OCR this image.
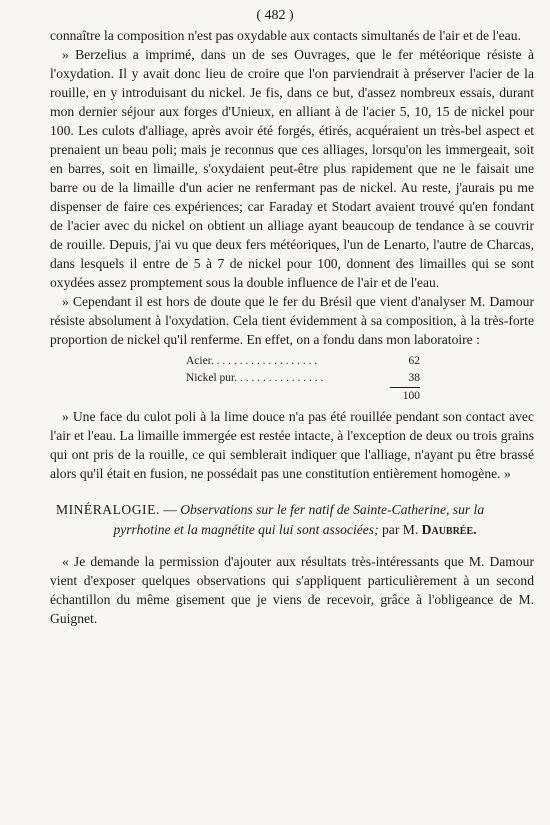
( 482 )

connaître la composition n'est pas oxydable aux contacts simultanés de l'air et de l'eau.

» Berzelius a imprimé, dans un de ses Ouvrages, que le fer météorique résiste à l'oxydation. Il y avait donc lieu de croire que l'on parviendrait à préserver l'acier de la rouille, en y introduisant du nickel. Je fis, dans ce but, d'assez nombreux essais, durant mon dernier séjour aux forges d'Unieux, en alliant à de l'acier 5, 10, 15 de nickel pour 100. Les culots d'alliage, après avoir été forgés, étirés, acquéraient un très-bel aspect et prenaient un beau poli; mais je reconnus que ces alliages, lorsqu'on les immergeait, soit en barres, soit en limaille, s'oxydaient peut-être plus rapidement que ne le faisait une barre ou de la limaille d'un acier ne renfermant pas de nickel. Au reste, j'aurais pu me dispenser de faire ces expériences; car Faraday et Stodart avaient trouvé qu'en fondant de l'acier avec du nickel on obtient un alliage ayant beaucoup de tendance à se couvrir de rouille. Depuis, j'ai vu que deux fers météoriques, l'un de Lenarto, l'autre de Charcas, dans lesquels il entre de 5 à 7 de nickel pour 100, donnent des limailles qui se sont oxydées assez promptement sous la double influence de l'air et de l'eau.

» Cependant il est hors de doute que le fer du Brésil que vient d'analyser M. Damour résiste absolument à l'oxydation. Cela tient évidemment à sa composition, à la très-forte proportion de nickel qu'il renferme. En effet, on a fondu dans mon laboratoire :

Acier. . . . . . . . . . . . . . . . . . .	62
Nickel pur. . . . . . . . . . . . . . . .	38
100

» Une face du culot poli à la lime douce n'a pas été rouillée pendant son contact avec l'air et l'eau. La limaille immergée est restée intacte, à l'exception de deux ou trois grains qui ont pris de la rouille, ce qui semblerait indiquer que l'alliage, n'ayant pu être brassé alors qu'il était en fusion, ne possédait pas une constitution entièrement homogène. »

MINÉRALOGIE. — Observations sur le fer natif de Sainte-Catherine, sur la
pyrrhotine et la magnétite qui lui sont associées; par M. Daubrée.

« Je demande la permission d'ajouter aux résultats très-intéressants que M. Damour vient d'exposer quelques observations qui s'appliquent particulièrement à un second échantillon du même gisement que je viens de recevoir, grâce à l'obligeance de M. Guignet.
